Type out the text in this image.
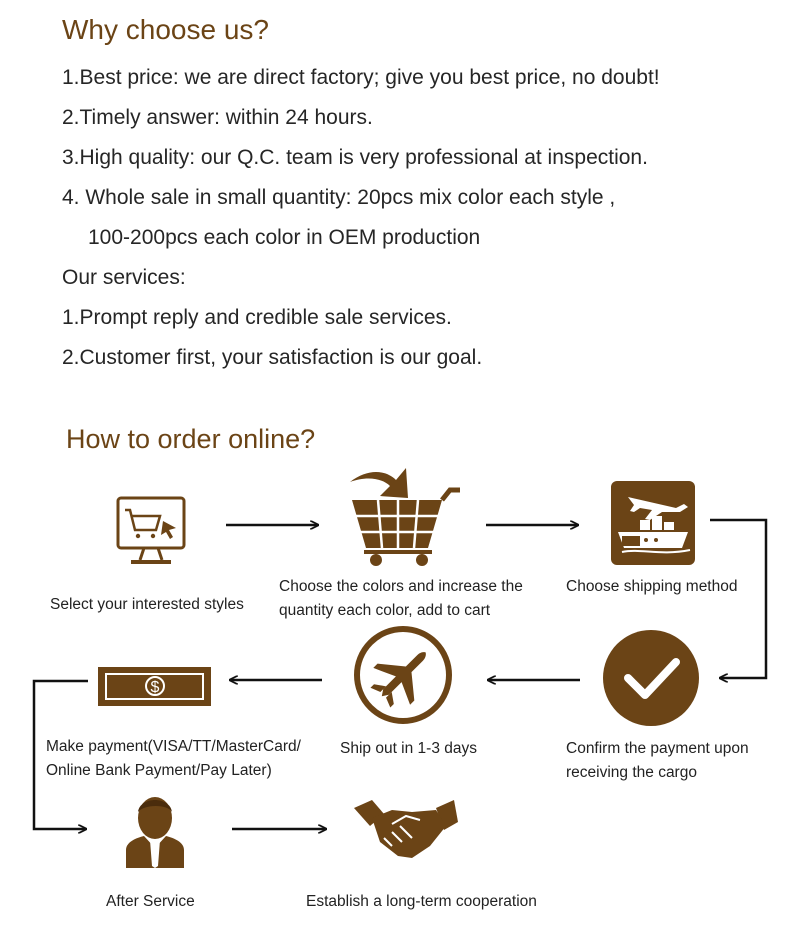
Why choose us?
1.Best price: we are direct factory; give you best price, no doubt!
2.Timely answer: within 24 hours.
3.High quality: our Q.C. team is very professional at inspection.
4. Whole sale in small quantity: 20pcs mix color each style ,
100-200pcs each color in OEM production
Our services:
1.Prompt reply and credible sale services.
2.Customer first, your satisfaction is our goal.
How to order online?
$
Select your interested styles
Choose the colors and increase the
quantity each color, add to cart
Choose shipping method
Confirm the payment upon
receiving the cargo
Ship out in 1-3 days
Make payment(VISA/TT/MasterCard/
Online Bank Payment/Pay Later)
After Service	Establish a long-term cooperation
